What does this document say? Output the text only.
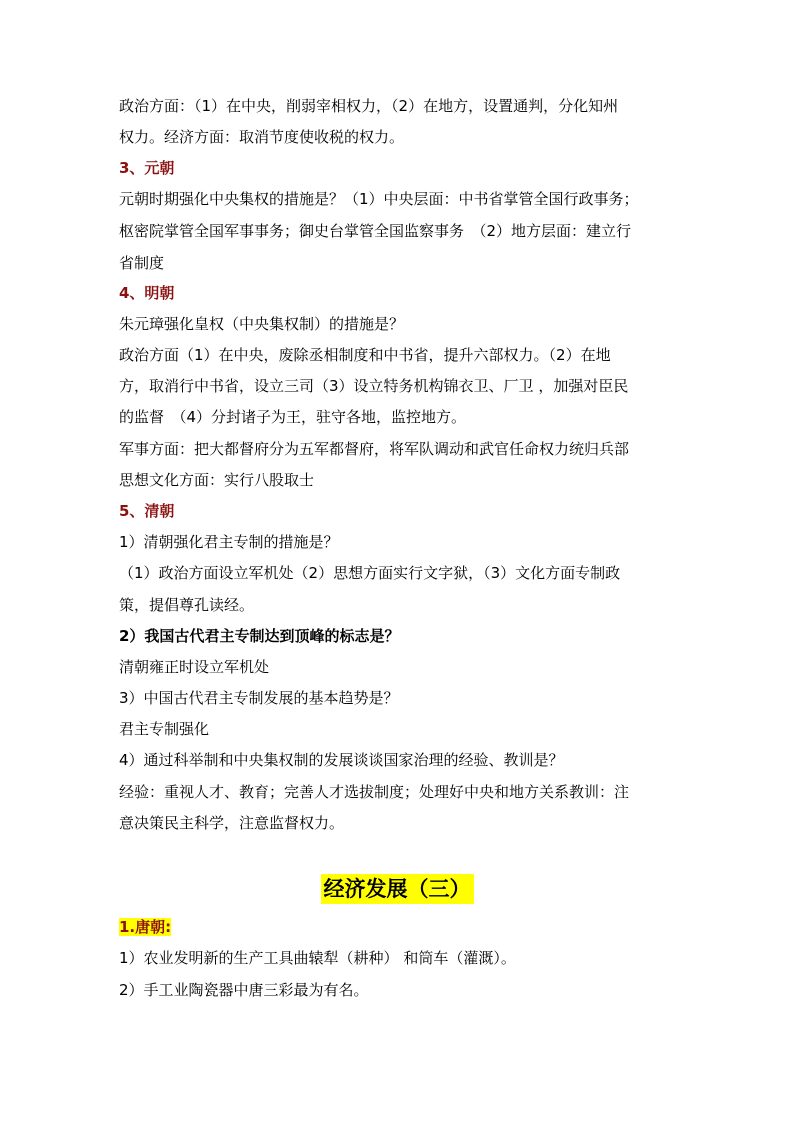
政治方面：（1）在中央，削弱宰相权力，（2）在地方，设置通判，分化知州
权力。经济方面：取消节度使收税的权力。
3、元朝
元朝时期强化中央集权的措施是？（1）中央层面：中书省掌管全国行政事务；
枢密院掌管全国军事事务；御史台掌管全国监察事务　（2）地方层面：建立行
省制度
4、明朝
朱元璋强化皇权（中央集权制）的措施是？
政治方面（1）在中央，废除丞相制度和中书省，提升六部权力。（2）在地
方，取消行中书省，设立三司（3）设立特务机构锦衣卫、厂卫 ，加强对臣民
的监督　（4）分封诸子为王，驻守各地，监控地方。
军事方面：把大都督府分为五军都督府，将军队调动和武官任命权力统归兵部
思想文化方面：实行八股取士
5、清朝
1）清朝强化君主专制的措施是？
（1）政治方面设立军机处（2）思想方面实行文字狱，（3）文化方面专制政
策，提倡尊孔读经。
2）我国古代君主专制达到顶峰的标志是？
清朝雍正时设立军机处
3）中国古代君主专制发展的基本趋势是？
君主专制强化
4）通过科举制和中央集权制的发展谈谈国家治理的经验、教训是？
经验：重视人才、教育；完善人才选拔制度；处理好中央和地方关系教训：注
意决策民主科学，注意监督权力。
经济发展（三）
1.唐朝:
1）农业发明新的生产工具曲辕犁（耕种） 和筒车（灌溉）。
2）手工业陶瓷器中唐三彩最为有名。
